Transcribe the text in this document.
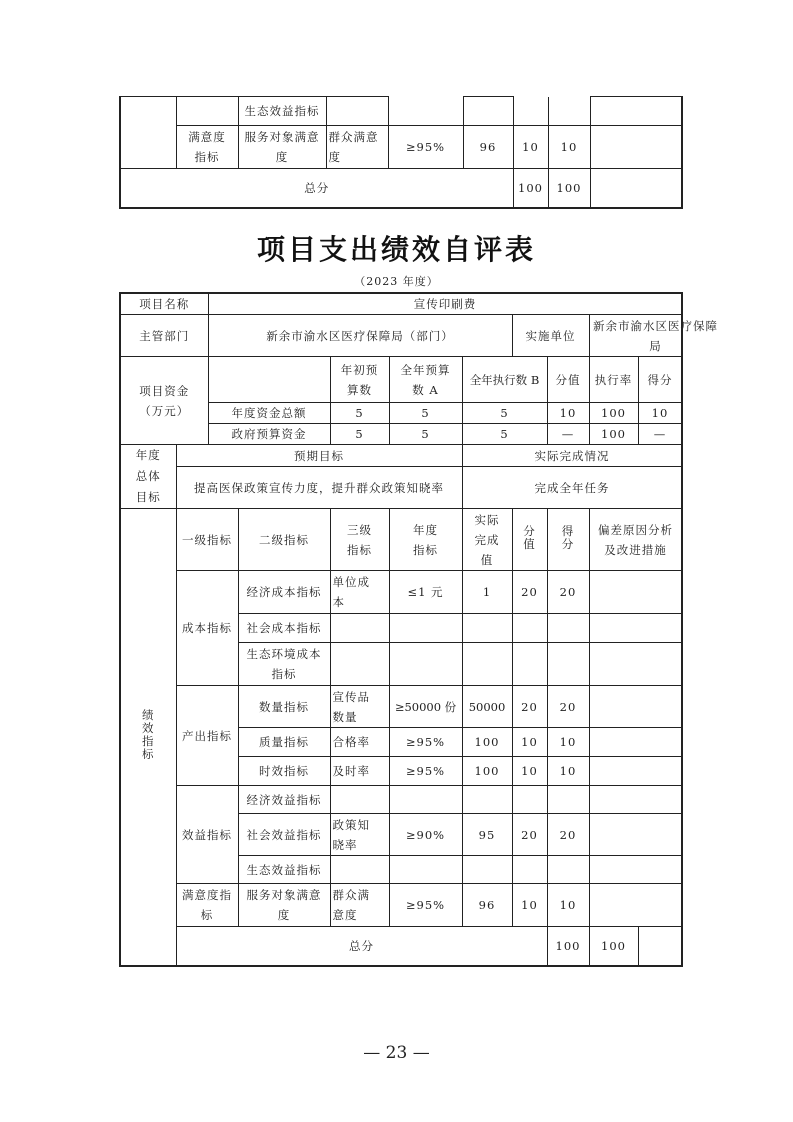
		生态效益指标						
满意度指标	服务对象满意度	群众满意度	≥95%	96	10	10	
总分	100	100	
项目支出绩效自评表
（2023 年度）
项目名称	宣传印刷费
主管部门	新余市渝水区医疗保障局（部门）	实施单位	新余市渝水区医疗保障局

项目资金
（万元）
		年初预算数	全年预算数 A	全年执行数 B	分值	执行率	得分
年度资金总额	5	5	5	10	100	10
政府预算资金	5	5	5	—	100	—
年度总体目标	预期目标	实际完成情况
提高医保政策宣传力度，提升群众政策知晓率	完成全年任务
绩效指标	一级指标	二级指标	三级指标	年度指标	实际完成值	分值	得分	偏差原因分析及改进措施
成本指标	经济成本指标	单位成本	≤1 元	1	20	20	
社会成本指标						
生态环境成本指标						
产出指标	数量指标	宣传品数量	≥50000 份	50000	20	20	
质量指标	合格率	≥95%	100	10	10	
时效指标	及时率	≥95%	100	10	10	
效益指标	经济效益指标						
社会效益指标	政策知晓率	≥90%	95	20	20	
生态效益指标						
满意度指标	服务对象满意度	群众满意度	≥95%	96	10	10	
总分	100	100	
— 23 —
